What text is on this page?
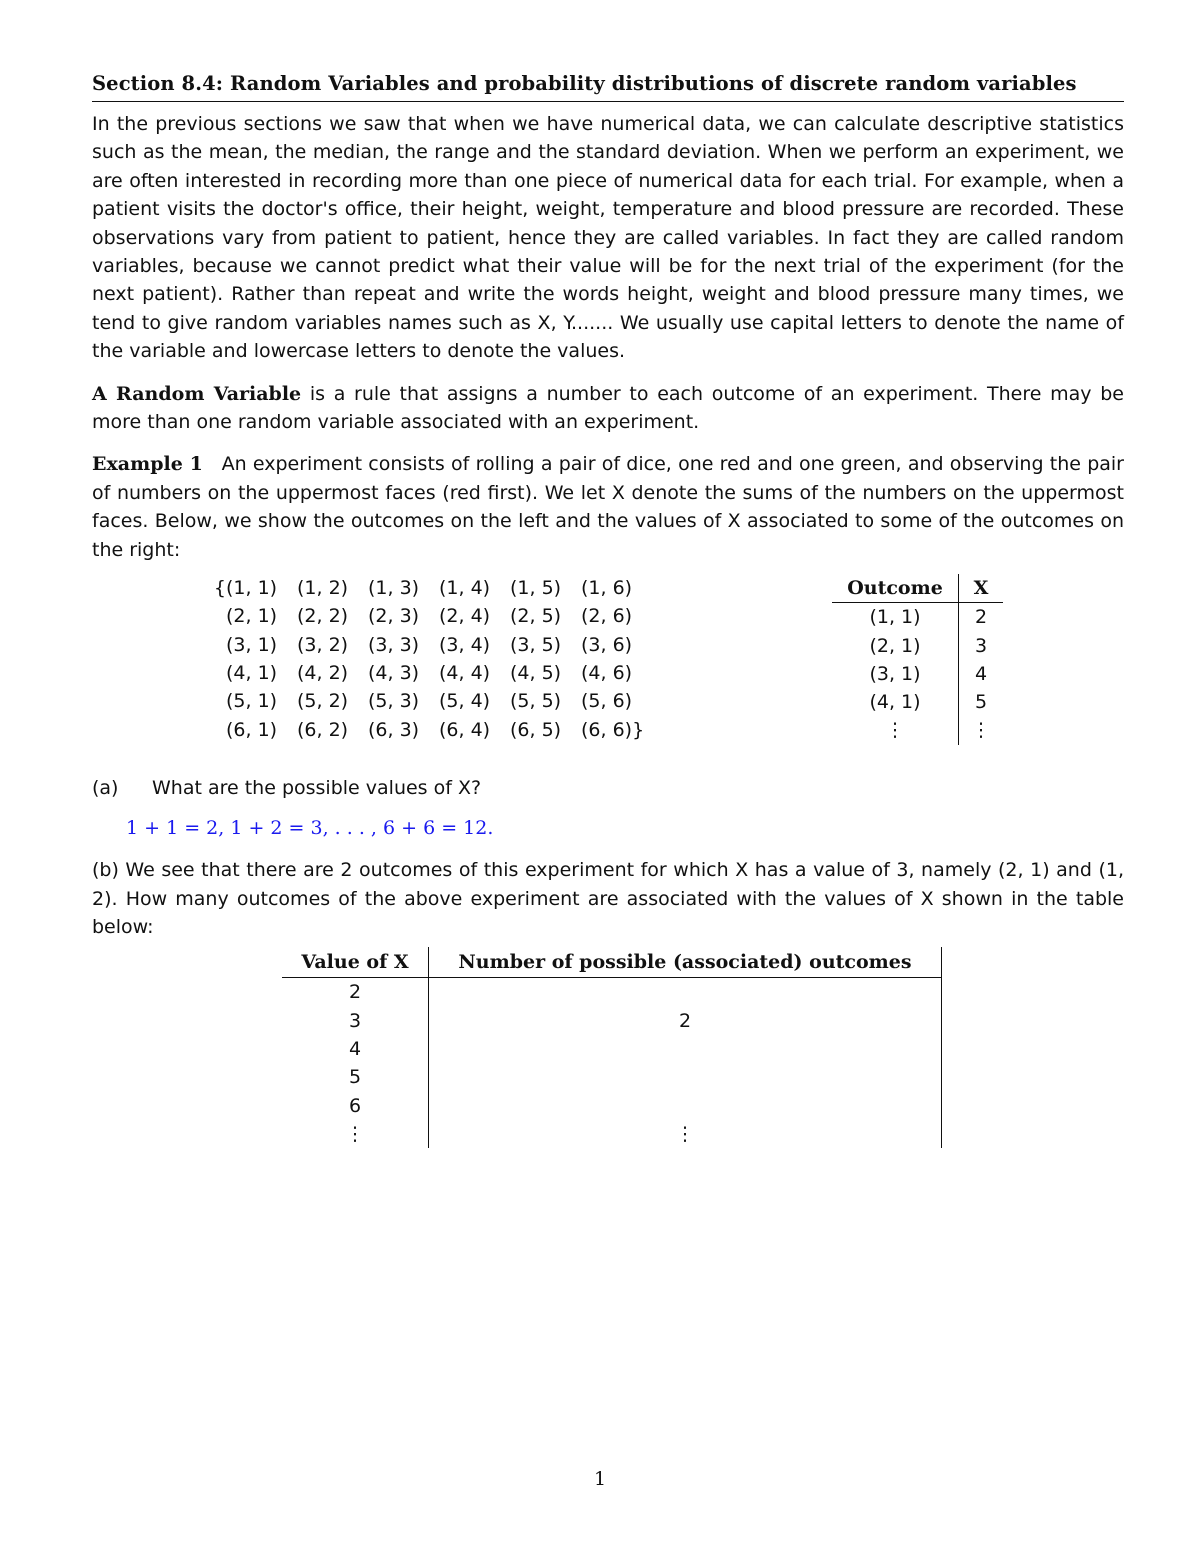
Section 8.4: Random Variables and probability distributions of discrete random variables

In the previous sections we saw that when we have numerical data, we can calculate descriptive statistics such as the mean, the median, the range and the standard deviation. When we perform an experiment, we are often interested in recording more than one piece of numerical data for each trial. For example, when a patient visits the doctor's office, their height, weight, temperature and blood pressure are recorded. These observations vary from patient to patient, hence they are called variables. In fact they are called random variables, because we cannot predict what their value will be for the next trial of the experiment (for the next patient). Rather than repeat and write the words height, weight and blood pressure many times, we tend to give random variables names such as X, Y....... We usually use capital letters to denote the name of the variable and lowercase letters to denote the values.

A Random Variable is a rule that assigns a number to each outcome of an experiment. There may be more than one random variable associated with an experiment.

Example 1 An experiment consists of rolling a pair of dice, one red and one green, and observing the pair of numbers on the uppermost faces (red first). We let X denote the sums of the numbers on the uppermost faces. Below, we show the outcomes on the left and the values of X associated to some of the outcomes on the right:

{ (1, 1)	(1, 2)	(1, 3)	(1, 4)	(1, 5)	(1, 6)
(2, 1)	(2, 2)	(2, 3)	(2, 4)	(2, 5)	(2, 6)
(3, 1)	(3, 2)	(3, 3)	(3, 4)	(3, 5)	(3, 6)
(4, 1)	(4, 2)	(4, 3)	(4, 4)	(4, 5)	(4, 6)
(5, 1)	(5, 2)	(5, 3)	(5, 4)	(5, 5)	(5, 6)
(6, 1)	(6, 2)	(6, 3)	(6, 4)	(6, 5)	(6, 6) }
Outcome	X
(1, 1)	2
(2, 1)	3
(3, 1)	4
(4, 1)	5
⋮	⋮
(a) What are the possible values of X?
1 + 1 = 2, 1 + 2 = 3, . . . , 6 + 6 = 12.

(b) We see that there are 2 outcomes of this experiment for which X has a value of 3, namely (2, 1) and (1, 2). How many outcomes of the above experiment are associated with the values of X shown in the table below:

Value of X	Number of possible (associated) outcomes
2	
3	2
4	
5	
6	
⋮	⋮
1
